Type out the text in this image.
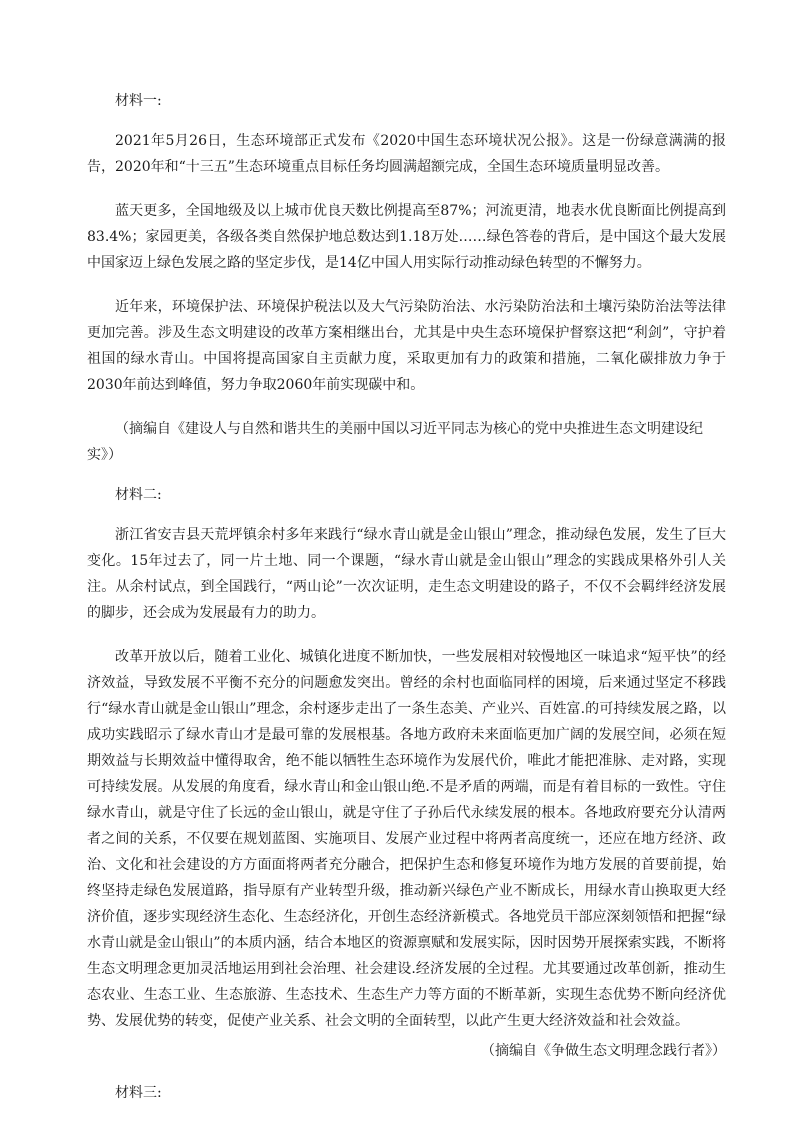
材料一:

2021年5月26日，生态环境部正式发布《2020中国生态环境状况公报》。这是一份绿意满满的报告，2020年和“十三五”生态环境重点目标任务均圆满超额完成，全国生态环境质量明显改善。

蓝天更多，全国地级及以上城市优良天数比例提高至87%；河流更清，地表水优良断面比例提高到83.4%；家园更美，各级各类自然保护地总数达到1.18万处……绿色答卷的背后，是中国这个最大发展中国家迈上绿色发展之路的坚定步伐，是14亿中国人用实际行动推动绿色转型的不懈努力。

近年来，环境保护法、环境保护税法以及大气污染防治法、水污染防治法和土壤污染防治法等法律更加完善。涉及生态文明建设的改革方案相继出台，尤其是中央生态环境保护督察这把“利剑”，守护着祖国的绿水青山。中国将提高国家自主贡献力度，采取更加有力的政策和措施，二氧化碳排放力争于2030年前达到峰值，努力争取2060年前实现碳中和。

（摘编自《建设人与自然和谐共生的美丽中国以习近平同志为核心的党中央推进生态文明建设纪实》）

材料二:

浙江省安吉县天荒坪镇余村多年来践行“绿水青山就是金山银山”理念，推动绿色发展，发生了巨大变化。15年过去了，同一片土地、同一个课题，“绿水青山就是金山银山”理念的实践成果格外引人关注。从余村试点，到全国践行，“两山论”一次次证明，走生态文明建设的路子，不仅不会羁绊经济发展的脚步，还会成为发展最有力的助力。

改革开放以后，随着工业化、城镇化进度不断加快，一些发展相对较慢地区一味追求“短平快”的经济效益，导致发展不平衡不充分的问题愈发突出。曾经的余村也面临同样的困境，后来通过坚定不移践行“绿水青山就是金山银山”理念，余村逐步走出了一条生态美、产业兴、百姓富.的可持续发展之路，以成功实践昭示了绿水青山才是最可靠的发展根基。各地方政府未来面临更加广阔的发展空间，必须在短期效益与长期效益中懂得取舍，绝不能以牺牲生态环境作为发展代价，唯此才能把准脉、走对路，实现可持续发展。从发展的角度看，绿水青山和金山银山绝.不是矛盾的两端，而是有着目标的一致性。守住绿水青山，就是守住了长远的金山银山，就是守住了子孙后代永续发展的根本。各地政府要充分认清两者之间的关系，不仅要在规划蓝图、实施项目、发展产业过程中将两者高度统一，还应在地方经济、政治、文化和社会建设的方方面面将两者充分融合，把保护生态和修复环境作为地方发展的首要前提，始终坚持走绿色发展道路，指导原有产业转型升级，推动新兴绿色产业不断成长，用绿水青山换取更大经济价值，逐步实现经济生态化、生态经济化，开创生态经济新模式。各地党员干部应深刻领悟和把握“绿水青山就是金山银山”的本质内涵，结合本地区的资源禀赋和发展实际，因时因势开展探索实践，不断将生态文明理念更加灵活地运用到社会治理、社会建设.经济发展的全过程。尤其要通过改革创新，推动生态农业、生态工业、生态旅游、生态技术、生态生产力等方面的不断革新，实现生态优势不断向经济优势、发展优势的转变，促使产业关系、社会文明的全面转型，以此产生更大经济效益和社会效益。

（摘编自《争做生态文明理念践行者》）

材料三:
